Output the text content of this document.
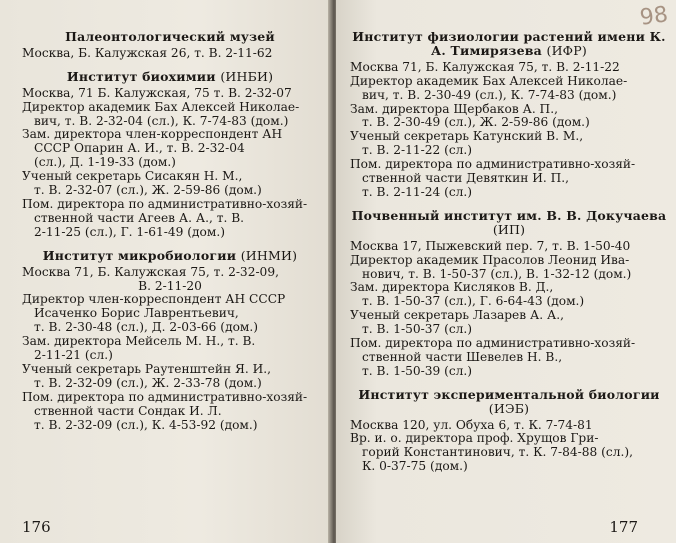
Палеонтологический музей
Москва, Б. Калужская 26, т. В. 2-11-62
Институт биохимии (ИНБИ)
Москва, 71 Б. Калужская, 75 т. В. 2-32-07
Директор академик Бах Алексей Николае-
вич, т. В. 2-32-04 (сл.), К. 7-74-83 (дом.)
Зам. директора член-корреспондент АН
СССР Опарин А. И., т. В. 2-32-04
(сл.), Д. 1-19-33 (дом.)
Ученый секретарь Сисакян Н. М.,
т. В. 2-32-07 (сл.), Ж. 2-59-86 (дом.)
Пом. директора по административно-хозяй-
ственной части Агеев А. А., т. В.
2-11-25 (сл.), Г. 1-61-49 (дом.)
Институт микробиологии (ИНМИ)
Москва 71, Б. Калужская 75, т. 2-32-09,
В. 2-11-20
Директор член-корреспондент АН СССР
Исаченко Борис Лаврентьевич,
т. В. 2-30-48 (сл.), Д. 2-03-66 (дом.)
Зам. директора Мейсель М. Н., т. В.
2-11-21 (сл.)
Ученый секретарь Раутенштейн Я. И.,
т. В. 2-32-09 (сл.), Ж. 2-33-78 (дом.)
Пом. директора по административно-хозяй-
ственной части Сондак И. Л.
т. В. 2-32-09 (сл.), К. 4-53-92 (дом.)
176
98
Институт физиологии растений имени К. А. Тимирязева (ИФР)
Москва 71, Б. Калужская 75, т. В. 2-11-22
Директор академик Бах Алексей Николае-
вич, т. В. 2-30-49 (сл.), К. 7-74-83 (дом.)
Зам. директора Щербаков А. П.,
т. В. 2-30-49 (сл.), Ж. 2-59-86 (дом.)
Ученый секретарь Катунский В. М.,
т. В. 2-11-22 (сл.)
Пом. директора по административно-хозяй-
ственной части Девяткин И. П.,
т. В. 2-11-24 (сл.)
Почвенный институт им. В. В. Докучаева (ИП)
Москва 17, Пыжевский пер. 7, т. В. 1-50-40
Директор академик Прасолов Леонид Ива-
нович, т. В. 1-50-37 (сл.), В. 1-32-12 (дом.)
Зам. директора Кисляков В. Д.,
т. В. 1-50-37 (сл.), Г. 6-64-43 (дом.)
Ученый секретарь Лазарев А. А.,
т. В. 1-50-37 (сл.)
Пом. директора по административно-хозяй-
ственной части Шевелев Н. В.,
т. В. 1-50-39 (сл.)
Институт экспериментальной биологии (ИЭБ)
Москва 120, ул. Обуха 6, т. К. 7-74-81
Вр. и. о. директора проф. Хрущов Гри-
горий Константинович, т. К. 7-84-88 (сл.),
К. 0-37-75 (дом.)
177
